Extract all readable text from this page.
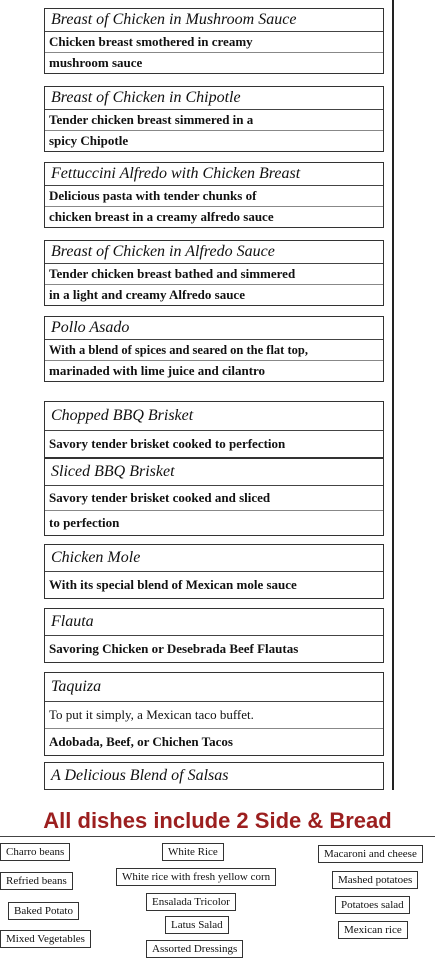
Breast of Chicken in Mushroom Sauce
Chicken breast smothered in creamy
mushroom sauce
Breast of Chicken in Chipotle
Tender chicken breast simmered in a
spicy Chipotle
Fettuccini Alfredo with Chicken Breast
Delicious pasta with tender chunks of
chicken breast in a creamy alfredo sauce
Breast of Chicken in Alfredo Sauce
Tender chicken breast bathed and simmered
in a light and creamy Alfredo sauce
Pollo Asado
With a blend of spices and seared on the flat top,
marinaded with lime juice and cilantro
Chopped BBQ Brisket
Savory tender brisket cooked to perfection
Sliced BBQ Brisket
Savory tender brisket cooked and sliced
to perfection
Chicken Mole
With its special blend of Mexican mole sauce
Flauta
Savoring Chicken or Desebrada Beef Flautas
Taquiza
To put it simply, a Mexican taco buffet.
Adobada, Beef, or Chichen Tacos
A Delicious Blend of Salsas
All dishes include 2 Side & Bread
Charro beans
Refried beans
Baked Potato
Mixed Vegetables
White Rice
White rice with fresh yellow corn
Ensalada Tricolor
Latus Salad
Assorted Dressings
Macaroni and cheese
Mashed potatoes
Potatoes salad
Mexican rice
